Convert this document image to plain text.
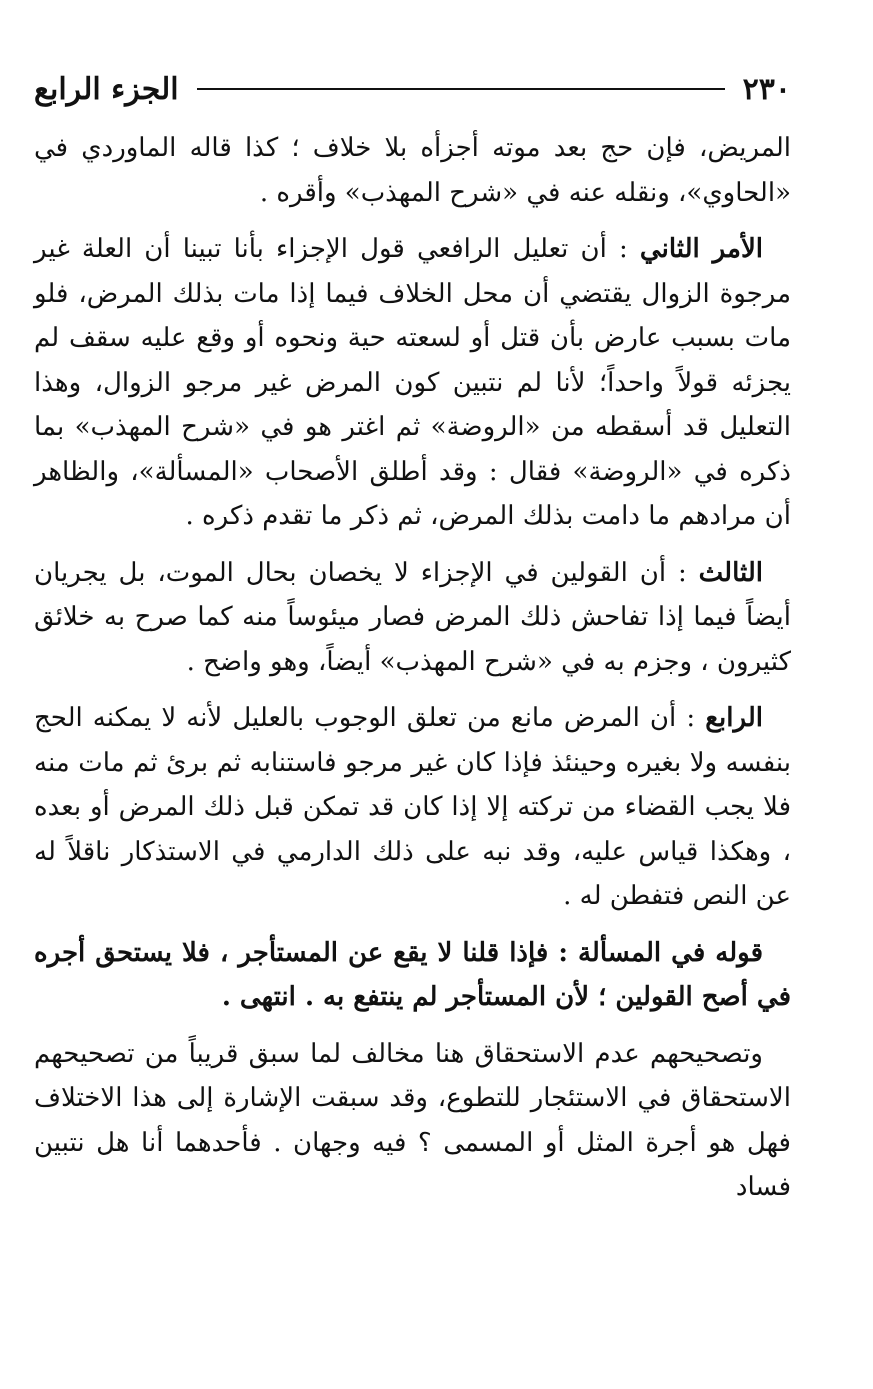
٢٣٠
الجزء الرابع

المريض، فإن حج بعد موته أجزأه بلا خلاف ؛ كذا قاله الماوردي في «الحاوي»، ونقله عنه في «شرح المهذب» وأقره .

الأمر الثاني : أن تعليل الرافعي قول الإجزاء بأنا تبينا أن العلة غير مرجوة الزوال يقتضي أن محل الخلاف فيما إذا مات بذلك المرض، فلو مات بسبب عارض بأن قتل أو لسعته حية ونحوه أو وقع عليه سقف لم يجزئه قولاً واحداً؛ لأنا لم نتبين كون المرض غير مرجو الزوال، وهذا التعليل قد أسقطه من «الروضة» ثم اغتر هو في «شرح المهذب» بما ذكره في «الروضة» فقال : وقد أطلق الأصحاب «المسألة»، والظاهر أن مرادهم ما دامت بذلك المرض، ثم ذكر ما تقدم ذكره .

الثالث : أن القولين في الإجزاء لا يخصان بحال الموت، بل يجريان أيضاً فيما إذا تفاحش ذلك المرض فصار ميئوساً منه كما صرح به خلائق كثيرون ، وجزم به في «شرح المهذب» أيضاً، وهو واضح .

الرابع : أن المرض مانع من تعلق الوجوب بالعليل لأنه لا يمكنه الحج بنفسه ولا بغيره وحينئذ فإذا كان غير مرجو فاستنابه ثم برئ ثم مات منه فلا يجب القضاء من تركته إلا إذا كان قد تمكن قبل ذلك المرض أو بعده ، وهكذا قياس عليه، وقد نبه على ذلك الدارمي في الاستذكار ناقلاً له عن النص فتفطن له .

قوله في المسألة : فإذا قلنا لا يقع عن المستأجر ، فلا يستحق أجره في أصح القولين ؛ لأن المستأجر لم ينتفع به . انتهى .

وتصحيحهم عدم الاستحقاق هنا مخالف لما سبق قريباً من تصحيحهم الاستحقاق في الاستئجار للتطوع، وقد سبقت الإشارة إلى هذا الاختلاف فهل هو أجرة المثل أو المسمى ؟ فيه وجهان . فأحدهما أنا هل نتبين فساد
